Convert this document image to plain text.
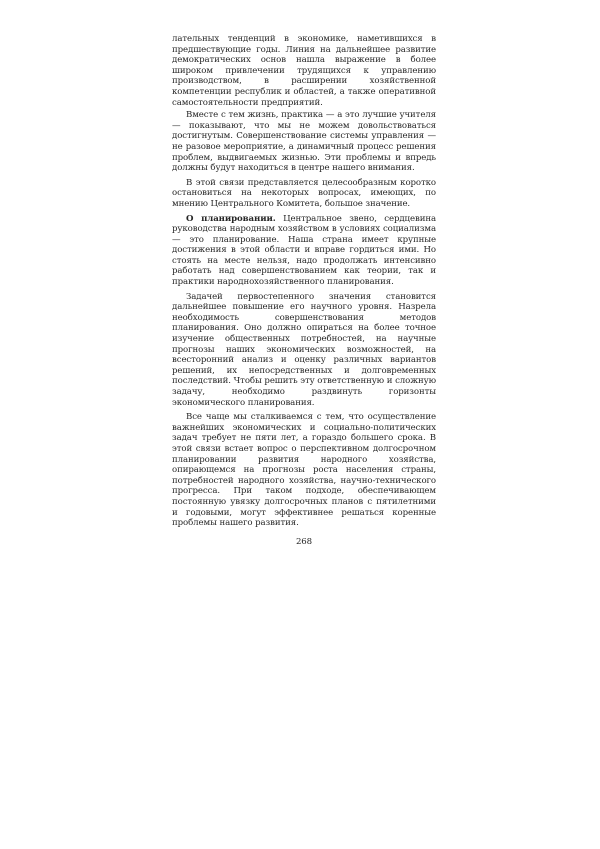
лательных тенденций в экономике, наметившихся в предшествующие годы. Линия на дальнейшее развитие демократических основ нашла выражение в более широком привлечении трудящихся к управлению производством, в расширении хозяйственной компетенции республик и областей, а также оперативной самостоятельности предприятий.

Вместе с тем жизнь, практика — а это лучшие учителя — показывают, что мы не можем довольствоваться достигнутым. Совершенствование системы управления — не разовое мероприятие, а динамичный процесс решения проблем, выдвигаемых жизнью. Эти проблемы и впредь должны будут находиться в центре нашего внимания.

В этой связи представляется целесообразным коротко остановиться на некоторых вопросах, имеющих, по мнению Центрального Комитета, большое значение.

О планировании. Центральное звено, сердцевина руководства народным хозяйством в условиях социализма — это планирование. Наша страна имеет крупные достижения в этой области и вправе гордиться ими. Но стоять на месте нельзя, надо продолжать интенсивно работать над совершенствованием как теории, так и практики народнохозяйственного планирования.

Задачей первостепенного значения становится дальнейшее повышение его научного уровня. Назрела необходимость совершенствования методов планирования. Оно должно опираться на более точное изучение общественных потребностей, на научные прогнозы наших экономических возможностей, на всесторонний анализ и оценку различных вариантов решений, их непосредственных и долговременных последствий. Чтобы решить эту ответственную и сложную задачу, необходимо раздвинуть горизонты экономического планирования.

Все чаще мы сталкиваемся с тем, что осуществление важнейших экономических и социально-политических задач требует не пяти лет, а гораздо большего срока. В этой связи встает вопрос о перспективном долгосрочном планировании развития народного хозяйства, опирающемся на прогнозы роста населения страны, потребностей народного хозяйства, научно-технического прогресса. При таком подходе, обеспечивающем постоянную увязку долгосрочных планов с пятилетними и годовыми, могут эффективнее решаться коренные проблемы нашего развития.

268
